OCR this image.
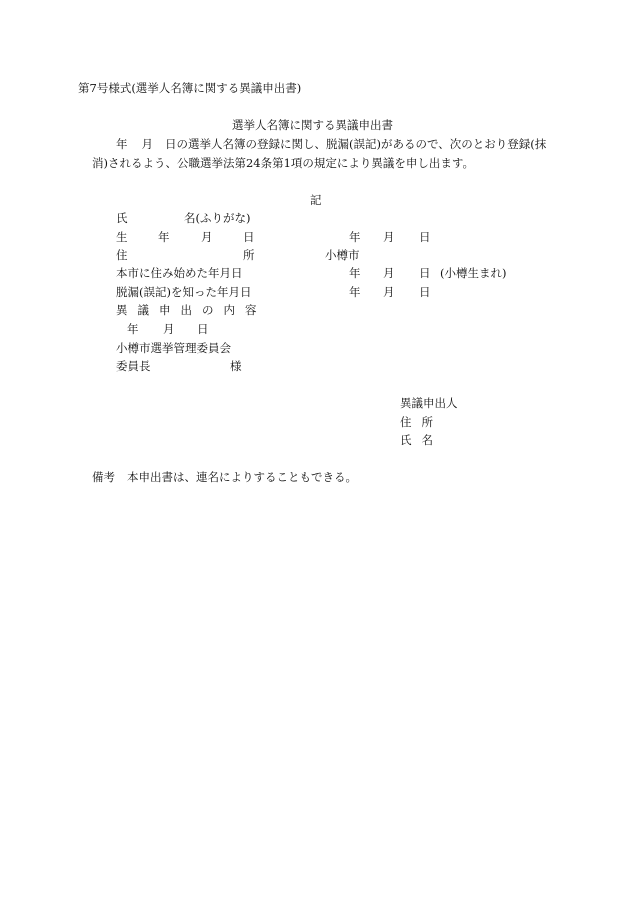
第7号様式(選挙人名簿に関する異議申出書)
選挙人名簿に関する異議申出書
年 月 日の選挙人名簿の登録に関し、脱漏(誤記)があるので、次のとおり登録(抹
消)されるよう、公職選挙法第24条第1項の規定により異議を申し出ます。
記
氏	名(ふりがな)
生	年	月	日	年 月 日
住	所	小樽市
本市に住み始めた年月日	年 月 日 (小樽生まれ)
脱漏(誤記)を知った年月日	年 月 日
異 議 申 出 の 内 容
年 月 日
小樽市選挙管理委員会
委員長	様
異議申出人
住 所
氏 名
備考 本申出書は、連名によりすることもできる。
